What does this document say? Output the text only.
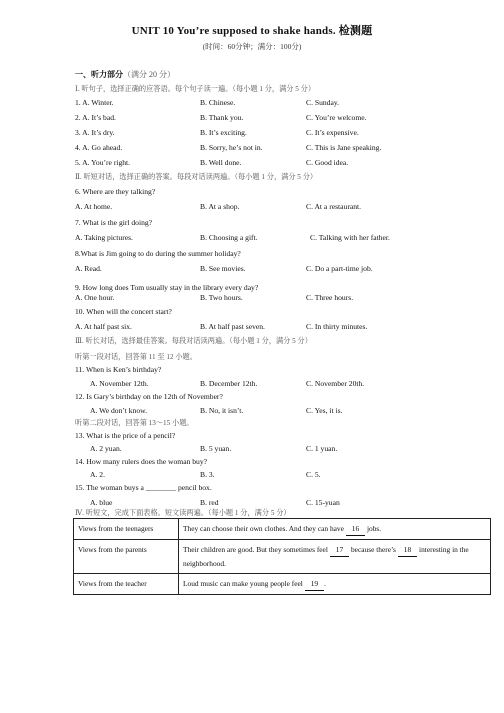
UNIT 10 You’re supposed to shake hands. 检测题
(时间：60分钟；满分：100分)
一、听力部分（满分 20 分）
Ⅰ. 听句子，选择正确的应答语。每个句子读一遍。（每小题 1 分，满分 5 分）
1. A. Winter.	B. Chinese.	C. Sunday.
2. A. It’s bad.	B. Thank you.	C. You’re welcome.
3. A. It’s dry.	B. It’s exciting.	C. It’s expensive.
4. A. Go ahead.	B. Sorry, he’s not in.	C. This is Jane speaking.
5. A. You’re right.	B. Well done.	C. Good idea.
Ⅱ. 听短对话，选择正确的答案。每段对话读两遍。（每小题 1 分，满分 5 分）
6. Where are they talking?
A. At home.	B. At a shop.	C. At a restaurant.
7. What is the girl doing?
A. Taking pictures.	B. Choosing a gift.	C. Talking with her father.
8.What is Jim going to do during the summer holiday?
A. Read.	B. See movies.	C. Do a part-time job.
9. How long does Tom usually stay in the library every day?
A. One hour.	B. Two hours.	C. Three hours.
10. When will the concert start?
A. At half past six.	B. At half past seven.	C. In thirty minutes.
Ⅲ. 听长对话，选择最佳答案。每段对话读两遍。（每小题 1 分，满分 5 分）
听第一段对话，回答第 11 至 12 小题。
11. When is Ken’s birthday?
A. November 12th.	B. December 12th.	C. November 20th.
12. Is Gary’s birthday on the 12th of November?
A. We don’t know.	B. No, it isn’t.	C. Yes, it is.
听第二段对话，回答第 13～15 小题。
13. What is the price of a pencil?
A. 2 yuan.	B. 5 yuan.	C. 1 yuan.
14. How many rulers does the woman buy?
A. 2.	B. 3.	C. 5.
15. The woman buys a ________ pencil box.
A. blue	B. red	C. 15-yuan
Views from the teenagers	They can choose their own clothes. And they can have 16 jobs.
Views from the parents	Their children are good. But they sometimes feel 17 because there’s 18 interesting in the neighborhood.
Views from the teacher	Loud music can make young people feel 19 .
Ⅳ. 听短文，完成下面表格。短文读两遍。（每小题 1 分，满分 5 分）
